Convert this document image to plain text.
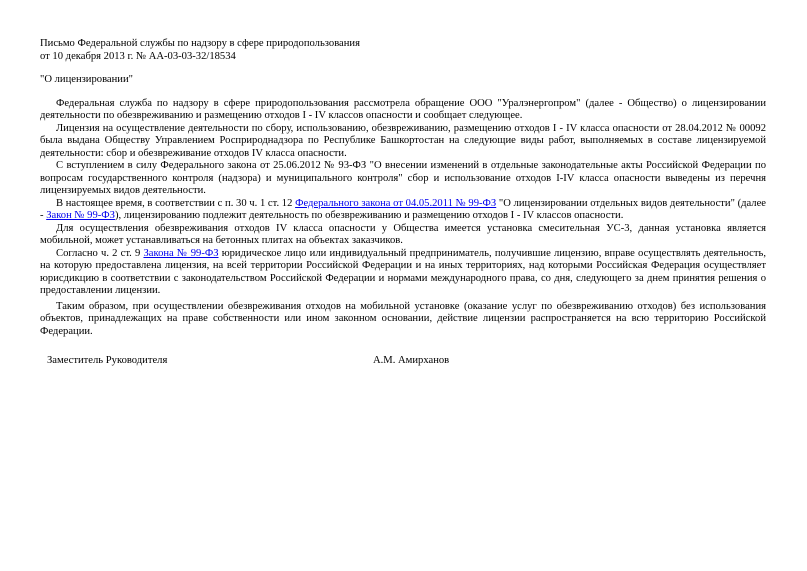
Письмо Федеральной службы по надзору в сфере природопользования
от 10 декабря 2013 г. № АА-03-03-32/18534
"О лицензировании"

Федеральная служба по надзору в сфере природопользования рассмотрела обращение ООО "Уралэнергопром" (далее - Общество) о лицензировании деятельности по обезвреживанию и размещению отходов I - IV классов опасности и сообщает следующее.

Лицензия на осуществление деятельности по сбору, использованию, обезвреживанию, размещению отходов I - IV класса опасности от 28.04.2012 № 00092 была выдана Обществу Управлением Росприроднадзора по Республике Башкортостан на следующие виды работ, выполняемых в составе лицензируемой деятельности: сбор и обезвреживание отходов IV класса опасности.

С вступлением в силу Федерального закона от 25.06.2012 № 93-ФЗ "О внесении изменений в отдельные законодательные акты Российской Федерации по вопросам государственного контроля (надзора) и муниципального контроля" сбор и использование отходов I-IV класса опасности выведены из перечня лицензируемых видов деятельности.

В настоящее время, в соответствии с п. 30 ч. 1 ст. 12 Федерального закона от 04.05.2011 № 99-ФЗ "О лицензировании отдельных видов деятельности" (далее - Закон № 99-ФЗ), лицензированию подлежит деятельность по обезвреживанию и размещению отходов I - IV классов опасности.

Для осуществления обезвреживания отходов IV класса опасности у Общества имеется установка смесительная УС-3, данная установка является мобильной, может устанавливаться на бетонных плитах на объектах заказчиков.

Согласно ч. 2 ст. 9 Закона № 99-ФЗ юридическое лицо или индивидуальный предприниматель, получившие лицензию, вправе осуществлять деятельность, на которую предоставлена лицензия, на всей территории Российской Федерации и на иных территориях, над которыми Российская Федерация осуществляет юрисдикцию в соответствии с законодательством Российской Федерации и нормами международного права, со дня, следующего за днем принятия решения о предоставлении лицензии.

Таким образом, при осуществлении обезвреживания отходов на мобильной установке (оказание услуг по обезвреживанию отходов) без использования объектов, принадлежащих на праве собственности или ином законном основании, действие лицензии распространяется на всю территорию Российской Федерации.

Заместитель Руководителя	А.М. Амирханов
